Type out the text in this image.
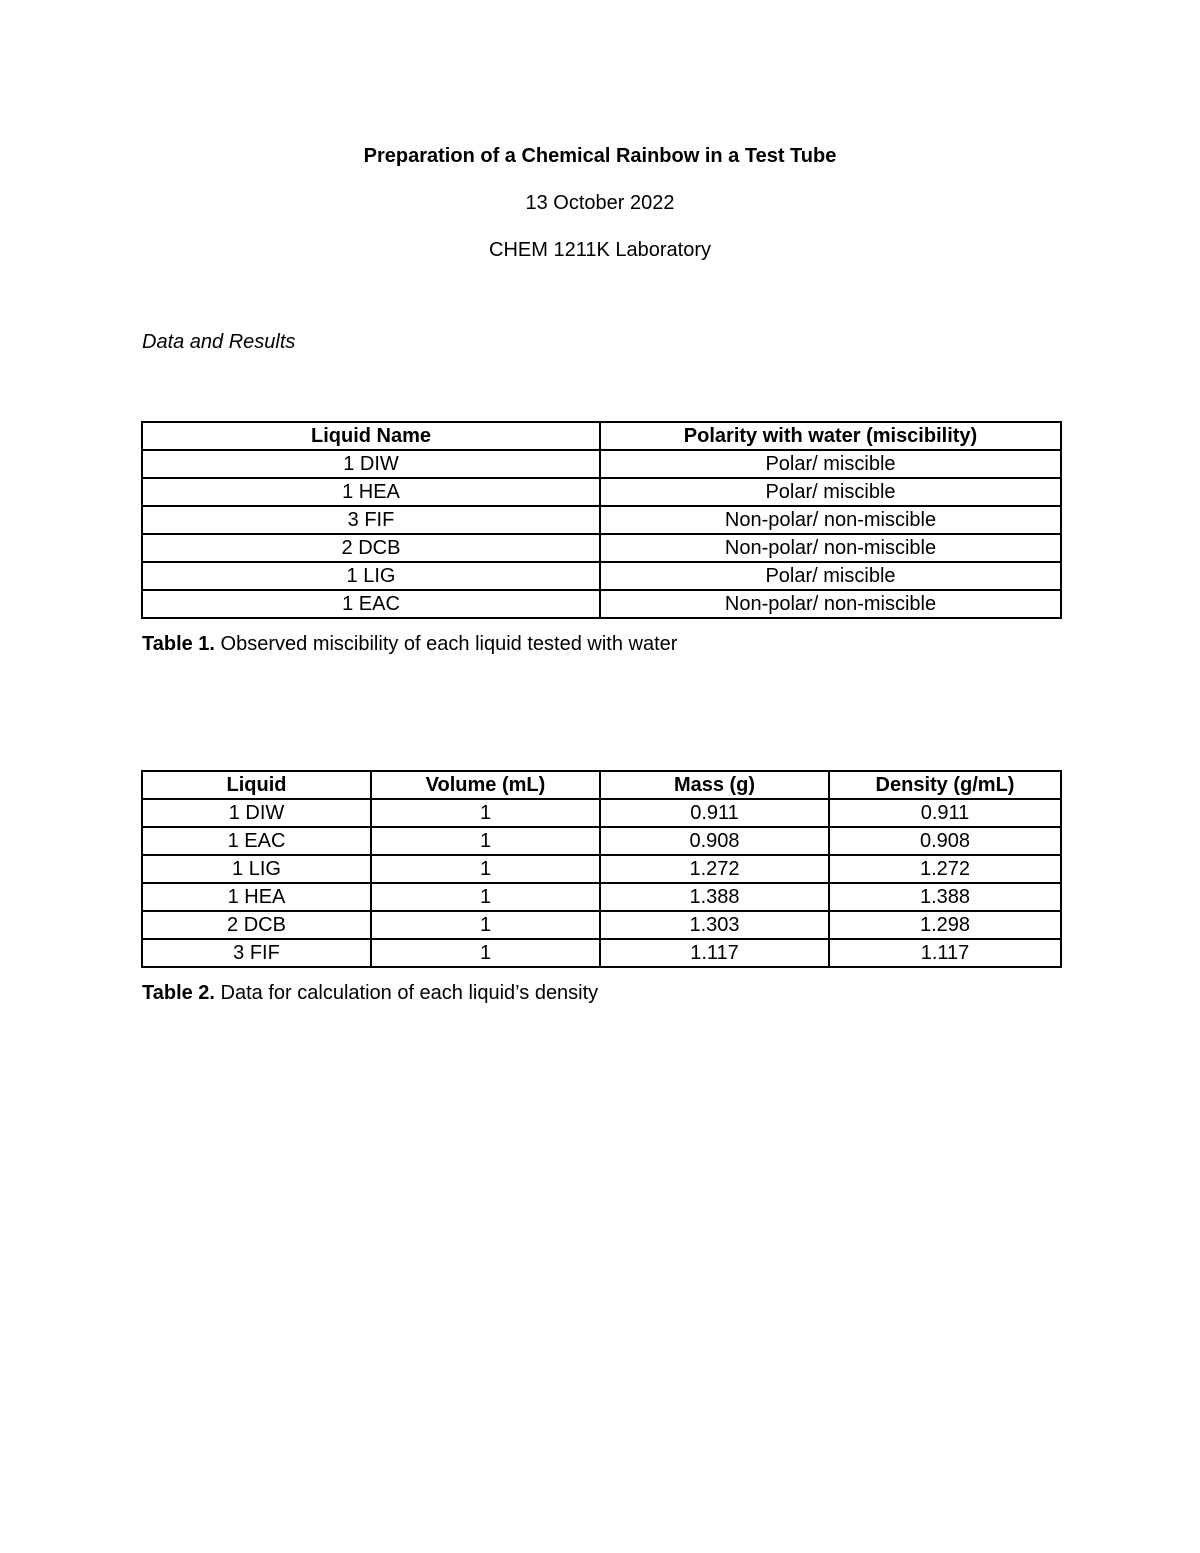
Preparation of a Chemical Rainbow in a Test Tube
13 October 2022
CHEM 1211K Laboratory
Data and Results
Liquid Name	Polarity with water (miscibility)
1 DIW	Polar/ miscible
1 HEA	Polar/ miscible
3 FIF	Non-polar/ non-miscible
2 DCB	Non-polar/ non-miscible
1 LIG	Polar/ miscible
1 EAC	Non-polar/ non-miscible
Table 1. Observed miscibility of each liquid tested with water
Liquid	Volume (mL)	Mass (g)	Density (g/mL)
1 DIW	1	0.911	0.911
1 EAC	1	0.908	0.908
1 LIG	1	1.272	1.272
1 HEA	1	1.388	1.388
2 DCB	1	1.303	1.298
3 FIF	1	1.117	1.117
Table 2. Data for calculation of each liquid’s density
